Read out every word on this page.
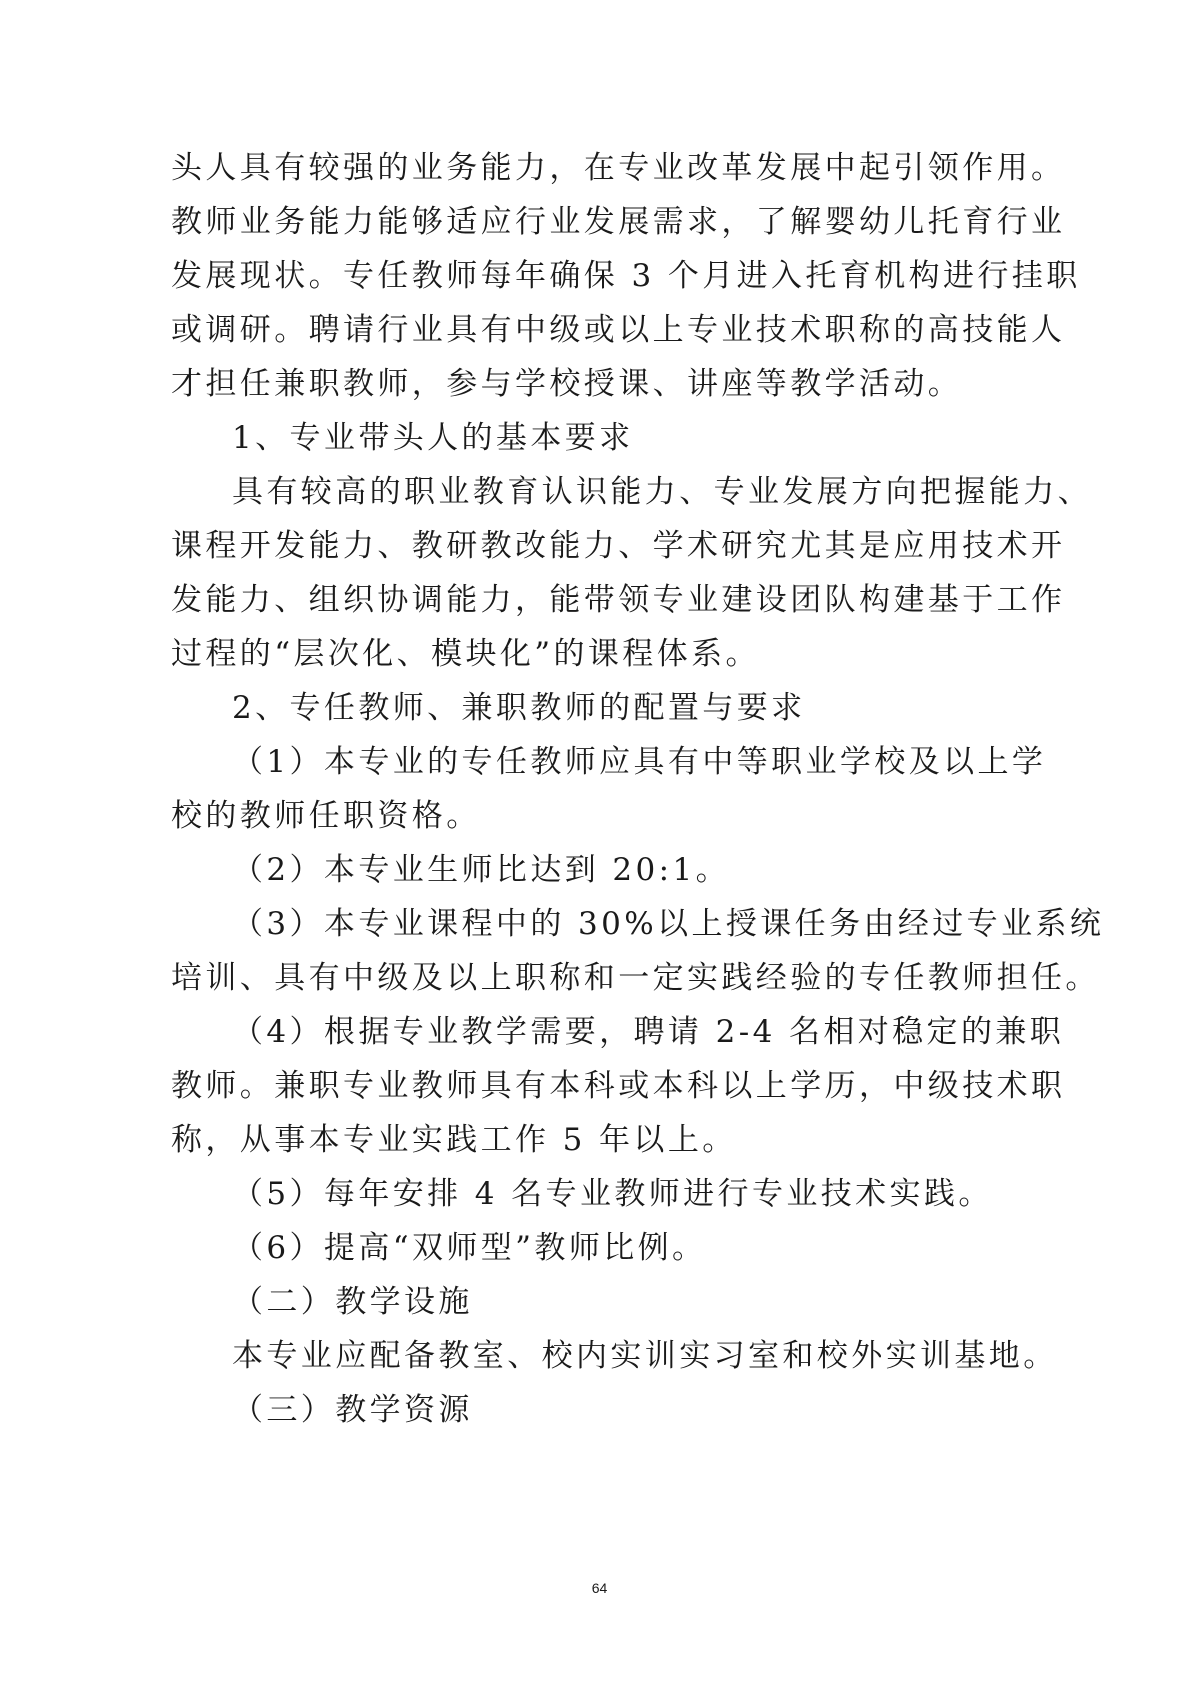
头人具有较强的业务能力，在专业改革发展中起引领作用。
教师业务能力能够适应行业发展需求，了解婴幼儿托育行业
发展现状。专任教师每年确保 3 个月进入托育机构进行挂职
或调研。聘请行业具有中级或以上专业技术职称的高技能人
才担任兼职教师，参与学校授课、讲座等教学活动。
1、专业带头人的基本要求
具有较高的职业教育认识能力、专业发展方向把握能力、
课程开发能力、教研教改能力、学术研究尤其是应用技术开
发能力、组织协调能力，能带领专业建设团队构建基于工作
过程的“层次化、模块化”的课程体系。
2、专任教师、兼职教师的配置与要求
（1）本专业的专任教师应具有中等职业学校及以上学
校的教师任职资格。
（2）本专业生师比达到 20:1。
（3）本专业课程中的 30%以上授课任务由经过专业系统
培训、具有中级及以上职称和一定实践经验的专任教师担任。
（4）根据专业教学需要，聘请 2-4 名相对稳定的兼职
教师。兼职专业教师具有本科或本科以上学历，中级技术职
称，从事本专业实践工作 5 年以上。
（5）每年安排 4 名专业教师进行专业技术实践。
（6）提高“双师型”教师比例。
（二）教学设施
本专业应配备教室、校内实训实习室和校外实训基地。
（三）教学资源
64
